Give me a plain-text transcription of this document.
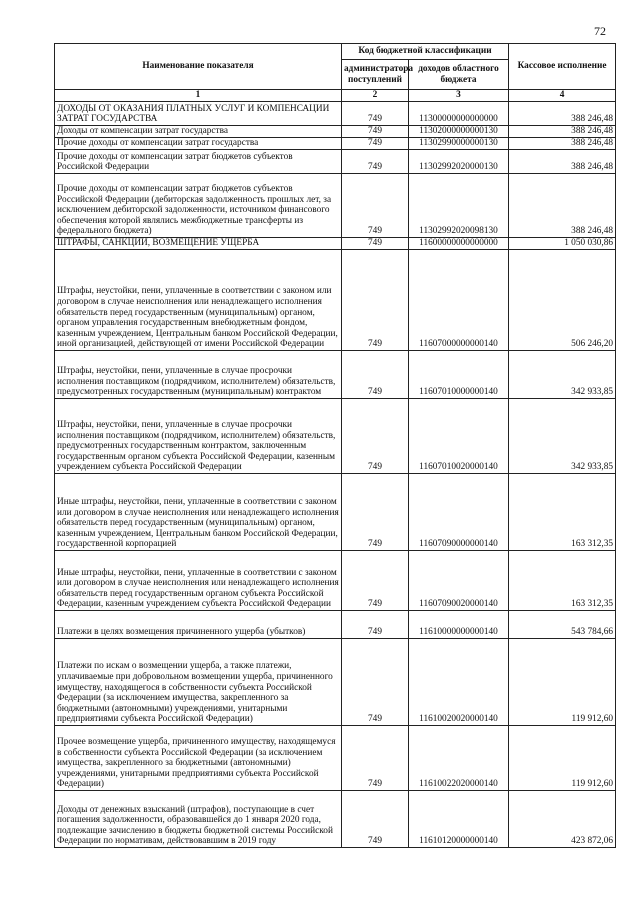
72
Наименование показателя	Код бюджетной классификации		Кассовое исполнение
	администратора поступлений	доходов областного бюджета	
1	2	3	4

ДОХОДЫ ОТ ОКАЗАНИЯ ПЛАТНЫХ УСЛУГ И КОМПЕНСАЦИИ ЗАТРАТ ГОСУДАРСТВА	749	11300000000000000	388 246,48

Доходы от компенсации затрат государства	749	11302000000000130	388 246,48

Прочие доходы от компенсации затрат государства	749	11302990000000130	388 246,48

Прочие доходы от компенсации затрат бюджетов субъектов Российской Федерации	749	11302992020000130	388 246,48

Прочие доходы от компенсации затрат бюджетов субъектов Российской Федерации (дебиторская задолженность прошлых лет, за исключением дебиторской задолженности, источником финансового обеспечения которой являлись межбюджетные трансферты из федерального бюджета)	749	11302992020098130	388 246,48

ШТРАФЫ, САНКЦИИ, ВОЗМЕЩЕНИЕ УЩЕРБА	749	11600000000000000	1 050 030,86

Штрафы, неустойки, пени, уплаченные в соответствии с законом или договором в случае неисполнения или ненадлежащего исполнения обязательств перед государственным (муниципальным) органом, органом управления государственным внебюджетным фондом, казенным учреждением, Центральным банком Российской Федерации, иной организацией, действующей от имени Российской Федерации	749	11607000000000140	506 246,20

Штрафы, неустойки, пени, уплаченные в случае просрочки исполнения поставщиком (подрядчиком, исполнителем) обязательств, предусмотренных государственным (муниципальным) контрактом	749	11607010000000140	342 933,85

Штрафы, неустойки, пени, уплаченные в случае просрочки исполнения поставщиком (подрядчиком, исполнителем) обязательств, предусмотренных государственным контрактом, заключенным государственным органом субъекта Российской Федерации, казенным учреждением субъекта Российской Федерации	749	11607010020000140	342 933,85

Иные штрафы, неустойки, пени, уплаченные в соответствии с законом или договором в случае неисполнения или ненадлежащего исполнения обязательств перед государственным (муниципальным) органом, казенным учреждением, Центральным банком Российской Федерации, государственной корпорацией	749	11607090000000140	163 312,35

Иные штрафы, неустойки, пени, уплаченные в соответствии с законом или договором в случае неисполнения или ненадлежащего исполнения обязательств перед государственным органом субъекта Российской Федерации, казенным учреждением субъекта Российской Федерации	749	11607090020000140	163 312,35

Платежи в целях возмещения причиненного ущерба (убытков)	749	11610000000000140	543 784,66

Платежи по искам о возмещении ущерба, а также платежи, уплачиваемые при добровольном возмещении ущерба, причиненного имуществу, находящегося в собственности субъекта Российской Федерации (за исключением имущества, закрепленного за бюджетными (автономными) учреждениями, унитарными предприятиями субъекта Российской Федерации)	749	11610020020000140	119 912,60

Прочее возмещение ущерба, причиненного имуществу, находящемуся в собственности субъекта Российской Федерации (за исключением имущества, закрепленного за бюджетными (автономными) учреждениями, унитарными предприятиями субъекта Российской Федерации)	749	11610022020000140	119 912,60

Доходы от денежных взысканий (штрафов), поступающие в счет погашения задолженности, образовавшейся до 1 января 2020 года, подлежащие зачислению в бюджеты бюджетной системы Российской Федерации по нормативам, действовавшим в 2019 году	749	11610120000000140	423 872,06
